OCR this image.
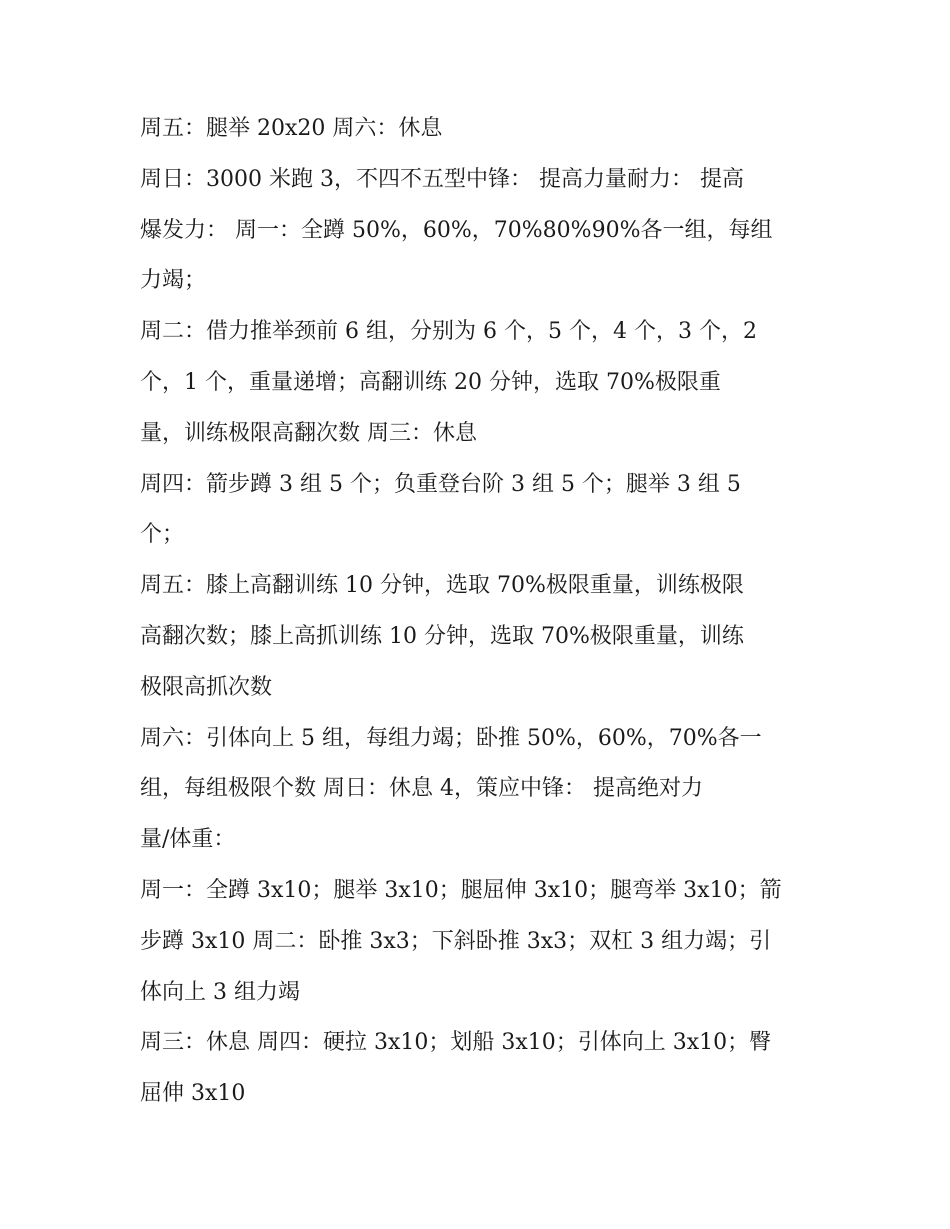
周五：腿举 20x20 周六：休息
周日：3000 米跑 3，不四不五型中锋： 提高力量耐力： 提高
爆发力： 周一：全蹲 50%，60%，70%80%90%各一组，每组
力竭；
周二：借力推举颈前 6 组，分别为 6 个，5 个，4 个，3 个，2
个，1 个，重量递增；高翻训练 20 分钟，选取 70%极限重
量，训练极限高翻次数 周三：休息
周四：箭步蹲 3 组 5 个；负重登台阶 3 组 5 个；腿举 3 组 5
个；
周五：膝上高翻训练 10 分钟，选取 70%极限重量，训练极限
高翻次数；膝上高抓训练 10 分钟，选取 70%极限重量，训练
极限高抓次数
周六：引体向上 5 组，每组力竭；卧推 50%，60%，70%各一
组，每组极限个数 周日：休息 4，策应中锋： 提高绝对力
量/体重：
周一：全蹲 3x10；腿举 3x10；腿屈伸 3x10；腿弯举 3x10；箭
步蹲 3x10 周二：卧推 3x3；下斜卧推 3x3；双杠 3 组力竭；引
体向上 3 组力竭
周三：休息 周四：硬拉 3x10；划船 3x10；引体向上 3x10；臀
屈伸 3x10
